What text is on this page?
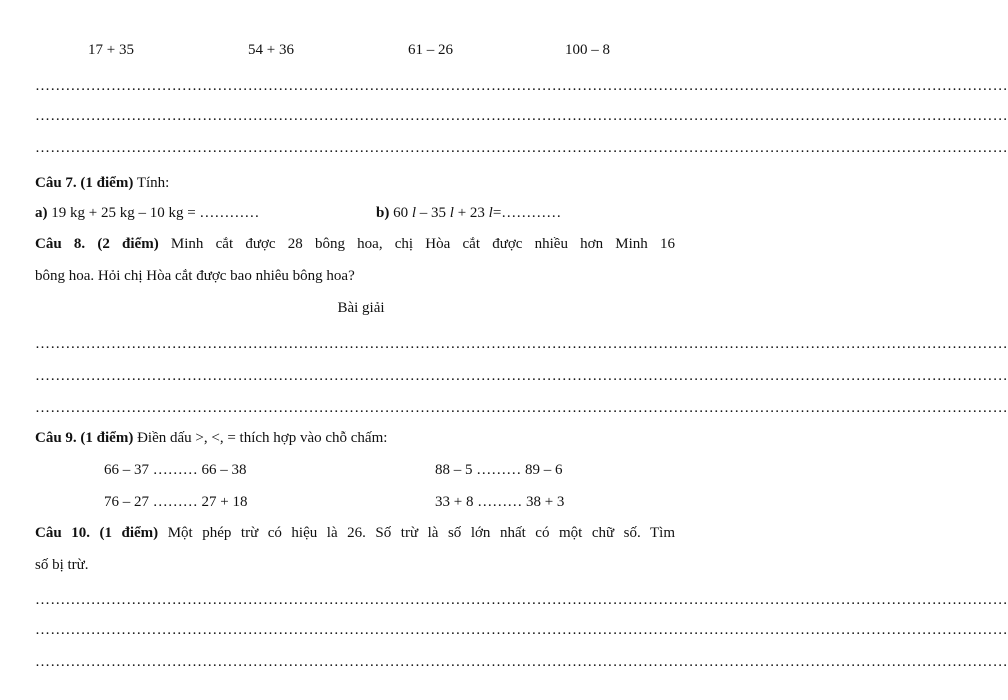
17 + 35	54 + 36	61 – 26	100 – 8
…………………………………………………………………………………………………………………………………………………………………………
…………………………………………………………………………………………………………………………………………………………………………
…………………………………………………………………………………………………………………………………………………………………………
Câu 7. (1 điểm) Tính:
a) 19 kg + 25 kg – 10 kg = …………	b) 60 l – 35 l + 23 l=…………
Câu 8. (2 điểm) Minh cắt được 28 bông hoa, chị Hòa cắt được nhiều hơn Minh 16
bông hoa. Hỏi chị Hòa cắt được bao nhiêu bông hoa?
Bài giải
…………………………………………………………………………………………………………………………………………………………………………
…………………………………………………………………………………………………………………………………………………………………………
…………………………………………………………………………………………………………………………………………………………………………
Câu 9. (1 điểm) Điền dấu >, <, = thích hợp vào chỗ chấm:
66 – 37 ……… 66 – 38	88 – 5 ……… 89 – 6
76 – 27 ……… 27 + 18	33 + 8 ……… 38 + 3
Câu 10. (1 điểm) Một phép trừ có hiệu là 26. Số trừ là số lớn nhất có một chữ số. Tìm
số bị trừ.
…………………………………………………………………………………………………………………………………………………………………………
…………………………………………………………………………………………………………………………………………………………………………
…………………………………………………………………………………………………………………………………………………………………………
